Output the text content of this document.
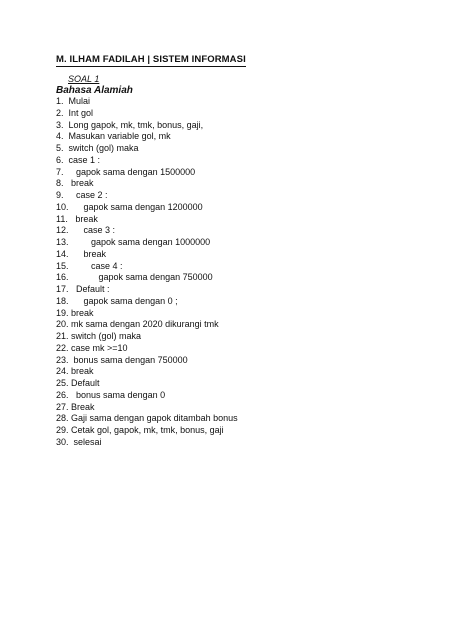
M. ILHAM FADILAH | SISTEM INFORMASI
SOAL 1
Bahasa Alamiah
1.
Mulai
2.
Int gol
3.
Long gapok, mk, tmk, bonus, gaji,
4.
Masukan variable gol, mk
5.
switch (gol) maka
6.
case 1 :
7.
gapok sama dengan 1500000
8.
break
9.
case 2 :
10.
gapok sama dengan 1200000
11.
break
12.
case 3 :
13.
	gapok sama dengan 1000000
14.
break
15.
	case 4 :
16.
	gapok sama dengan 750000
17.
Default :
18.
gapok sama dengan 0 ;
19.
break
20.
mk sama dengan 2020 dikurangi tmk
21.
switch (gol) maka
22.
case mk >=10
23.
bonus sama dengan 750000
24.
break
25.
Default
26.
bonus sama dengan 0
27.
Break
28.
Gaji sama dengan gapok ditambah bonus
29.
Cetak gol, gapok, mk, tmk, bonus, gaji
30.
selesai
